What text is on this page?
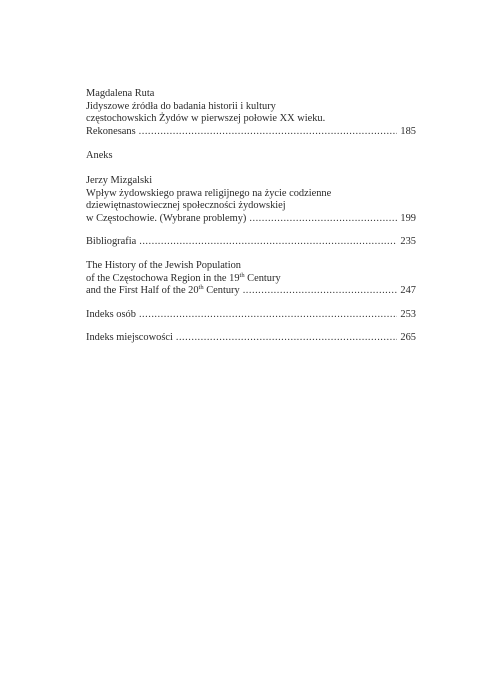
Magdalena Ruta
Jidyszowe źródła do badania historii i kultury
częstochowskich Żydów w pierwszej połowie XX wieku.
Rekonesans .....	185
Aneks
Jerzy Mizgalski
Wpływ żydowskiego prawa religijnego na życie codzienne
dziewiętnastowiecznej społeczności żydowskiej
w Częstochowie. (Wybrane problemy) .....	199
Bibliografia .....	235
The History of the Jewish Population
of the Częstochowa Region in the 19th Century
and the First Half of the 20th Century .....	247
Indeks osób .....	253
Indeks miejscowości .....	265
